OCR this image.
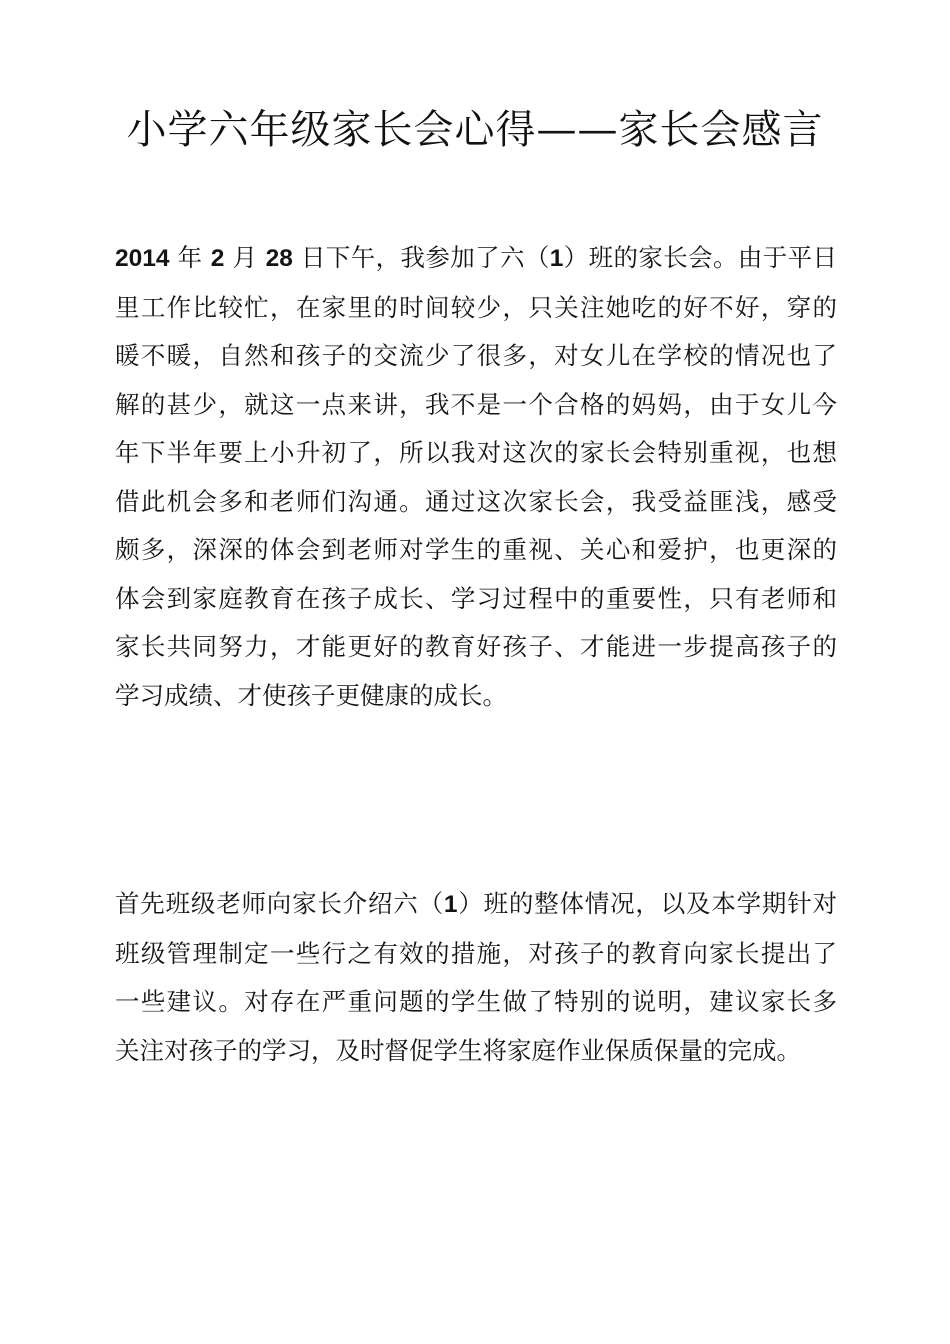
小学六年级家长会心得——家长会感言
2014 年 2 月 28 日下午，我参加了六（1）班的家长会。由于平日
里工作比较忙，在家里的时间较少，只关注她吃的好不好，穿的
暖不暖，自然和孩子的交流少了很多，对女儿在学校的情况也了
解的甚少，就这一点来讲，我不是一个合格的妈妈，由于女儿今
年下半年要上小升初了，所以我对这次的家长会特别重视，也想
借此机会多和老师们沟通。通过这次家长会，我受益匪浅，感受
颇多，深深的体会到老师对学生的重视、关心和爱护，也更深的
体会到家庭教育在孩子成长、学习过程中的重要性，只有老师和
家长共同努力，才能更好的教育好孩子、才能进一步提高孩子的
学习成绩、才使孩子更健康的成长。
首先班级老师向家长介绍六（1）班的整体情况，以及本学期针对
班级管理制定一些行之有效的措施，对孩子的教育向家长提出了
一些建议。对存在严重问题的学生做了特别的说明，建议家长多
关注对孩子的学习，及时督促学生将家庭作业保质保量的完成。
